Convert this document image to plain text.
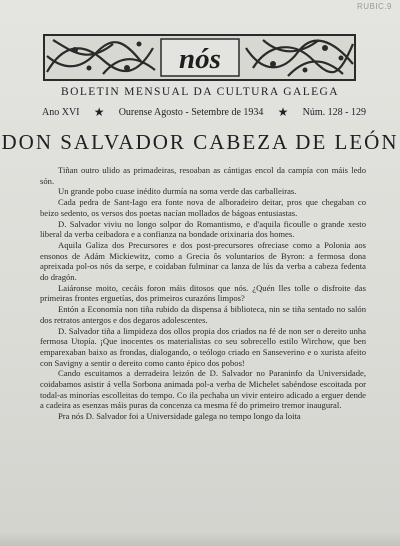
RUBIC.9
nós
BOLETIN MENSUAL DA CULTURA GALEGA
Ano XVI ★ Ourense Agosto - Setembre de 1934 ★ Núm. 128 - 129
DON SALVADOR CABEZA DE LEÓN

Tiñan outro ulido as primadeiras, resoaban as cántigas encol da campía con máis ledo són.

Un grande pobo cuase inédito durmía na soma verde das carballeiras.

Cada pedra de Sant-Iago era fonte nova de alboradeiro deitar, pros que chegaban co beizo sedento, os versos dos poetas nacían mollados de bágoas entusiastas.

D. Salvador viviu no longo solpor do Romantismo, e d'aquila ficoulle o grande xesto liberal da verba ceibadora e a confianza na bondade orixinaria dos homes.

Aquila Galiza dos Precursores e dos post-precursores ofreciase como a Polonia aos ensonos de Adám Mickiewitz, como a Grecia ôs voluntarios de Byron: a fermosa dona apreixada pol-os nós da serpe, e coidaban fulminar ca lanza de lús da verba a cabeza fedenta do dragón.

Laiáronse moito, cecáis foron máis ditosos que nós. ¿Quén lles tolle o disfroite das primeiras frontes erguetías, dos primeiros curazóns limpos?

Entón a Economía non tiña rubido da dispensa á biblioteca, nin se tiña sentado no salón dos retratos antergos e dos degaros adolescentes.

D. Salvador tiña a limpideza dos ollos propia dos criados na fé de non ser o dereito unha fermosa Utopía. ¡Que inocentes os materialistas co seu sobrecello estilo Wirchow, que ben emparexaban baixo as frondas, dialogando, o teólogo criado en Sanseverino e o xurista afeito con Savigny a sentir o dereito como canto épico dos pobos!

Cando escuitamos a derradeira leizón de D. Salvador no Paraninfo da Universidade, coidabamos asistir á vella Sorbona animada pol-a verba de Michelet sabéndose escoitada por todal-as minorías escolleitas do tempo. Co ila pechaba un vivir enteiro adicado a erguer dende a cadeira as esenzas máis puras da concenza ca mesma fé do primeiro tremor inaugural.

Pra nós D. Salvador foi a Universidade galega no tempo longo da loita
